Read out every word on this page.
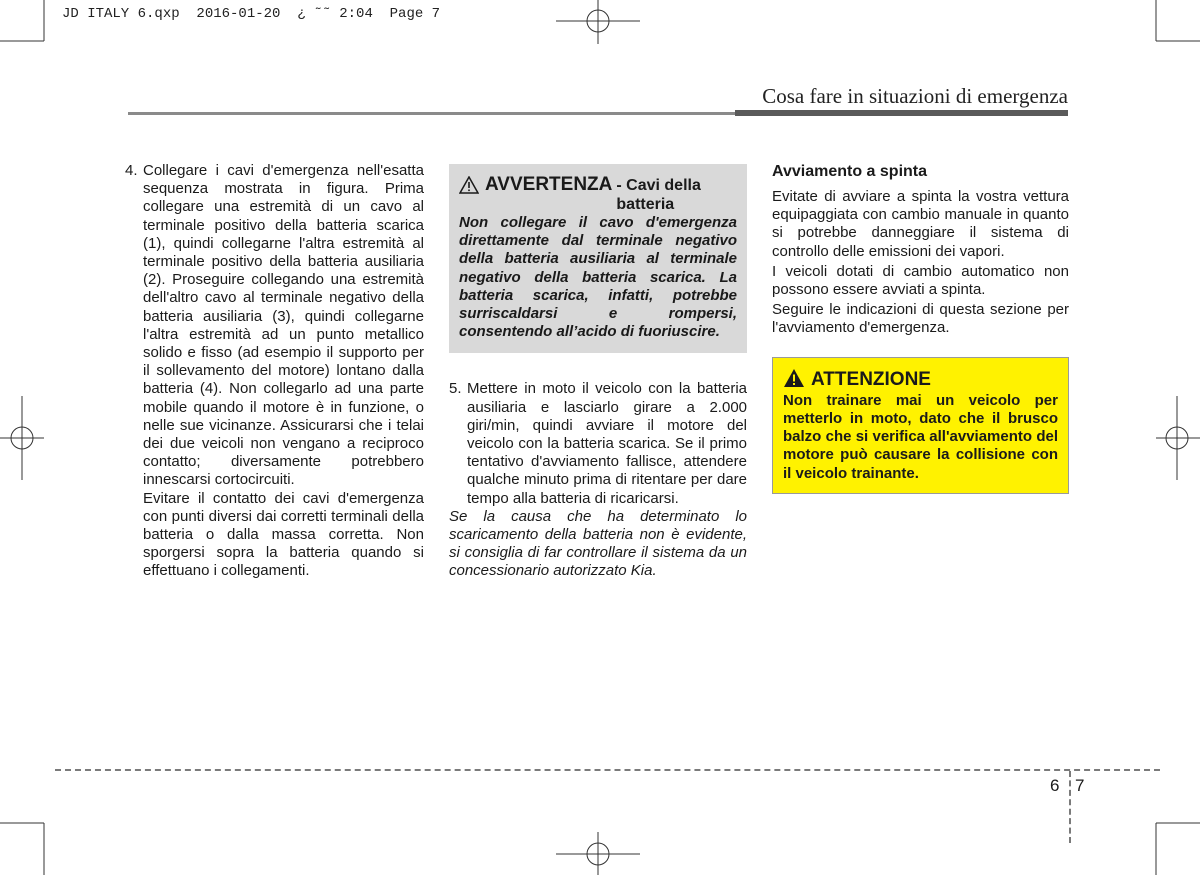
JD ITALY 6.qxp  2016-01-20  ¿ ˜˜ 2:04  Page 7
Cosa fare in situazioni di emergenza
4. Collegare i cavi d'emergenza nell'esatta sequenza mostrata in figura. Prima collegare una estremità di un cavo al terminale positivo della batteria scarica (1), quindi collegarne l'altra estremità al terminale positivo della batteria ausiliaria (2). Proseguire collegando una estremità dell'altro cavo al terminale negativo della batteria ausiliaria (3), quindi collegarne l'altra estremità ad un punto metallico solido e fisso (ad esempio il supporto per il sollevamento del motore) lontano dalla batteria (4). Non collegarlo ad una parte mobile quando il motore è in funzione, o nelle sue vicinanze. Assicurarsi che i telai dei due veicoli non vengano a reciproco contatto; diversamente potrebbero innescarsi cortocircuiti.

Evitare il contatto dei cavi d'emergenza con punti diversi dai corretti terminali della batteria o dalla massa corretta. Non sporgersi sopra la batteria quando si effettuano i collegamenti.

AVVERTENZA - Cavi della batteria

Non collegare il cavo d'emergenza direttamente dal terminale negativo della batteria ausiliaria al terminale negativo della batteria scarica. La batteria scarica, infatti, potrebbe surriscaldarsi e rompersi, consentendo all’acido di fuoriuscire.

5. Mettere in moto il veicolo con la batteria ausiliaria e lasciarlo girare a 2.000 giri/min, quindi avviare il motore del veicolo con la batteria scarica. Se il primo tentativo d'avviamento fallisce, attendere qualche minuto prima di ritentare per dare tempo alla batteria di ricaricarsi.

Se la causa che ha determinato lo scaricamento della batteria non è evidente, si consiglia di far controllare il sistema da un concessionario autorizzato Kia.

Avviamento a spinta

Evitate di avviare a spinta la vostra vettura equipaggiata con cambio manuale in quanto si potrebbe danneggiare il sistema di controllo delle emissioni dei vapori.

I veicoli dotati di cambio automatico non possono essere avviati a spinta.

Seguire le indicazioni di questa sezione per l'avviamento d'emergenza.

ATTENZIONE

Non trainare mai un veicolo per metterlo in moto, dato che il brusco balzo che si verifica all'avviamento del motore può causare la collisione con il veicolo trainante.

6 7
